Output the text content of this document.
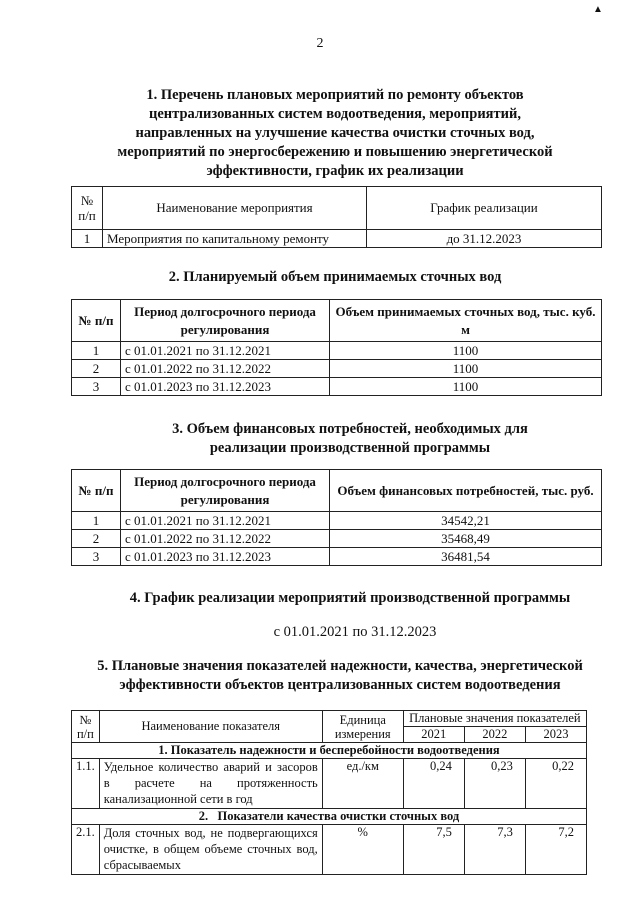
▲
2
1. Перечень плановых мероприятий по ремонту объектов централизованных систем водоотведения, мероприятий, направленных на улучшение качества очистки сточных вод, мероприятий по энергосбережению и повышению энергетической эффективности, график их реализации
№ п/п	Наименование мероприятия	График реализации
1	Мероприятия по капитальному ремонту	до 31.12.2023
2. Планируемый объем принимаемых сточных вод
№ п/п	Период долгосрочного периода регулирования	Объем принимаемых сточных вод, тыс. куб. м
1	с 01.01.2021 по 31.12.2021	1100
2	с 01.01.2022 по 31.12.2022	1100
3	с 01.01.2023 по 31.12.2023	1100
3. Объем финансовых потребностей, необходимых для реализации производственной программы
№ п/п	Период долгосрочного периода регулирования	Объем финансовых потребностей, тыс. руб.
1	с 01.01.2021 по 31.12.2021	34542,21
2	с 01.01.2022 по 31.12.2022	35468,49
3	с 01.01.2023 по 31.12.2023	36481,54
4. График реализации мероприятий производственной программы
с 01.01.2021 по 31.12.2023
5. Плановые значения показателей надежности, качества, энергетической эффективности объектов централизованных систем водоотведения
№ п/п	Наименование показателя	Единица измерения	Плановые значения показателей		
			2021	2022	2023
1. Показатель надежности и бесперебойности водоотведения					
1.1.	Удельное количество аварий и засоров в расчете на протяженность канализационной сети в год	ед./км	0,24	0,23	0,22
2.   Показатели качества очистки сточных вод					
2.1.	Доля сточных вод, не подвергающихся очистке, в общем объеме сточных вод, сбрасываемых	%	7,5	7,3	7,2
